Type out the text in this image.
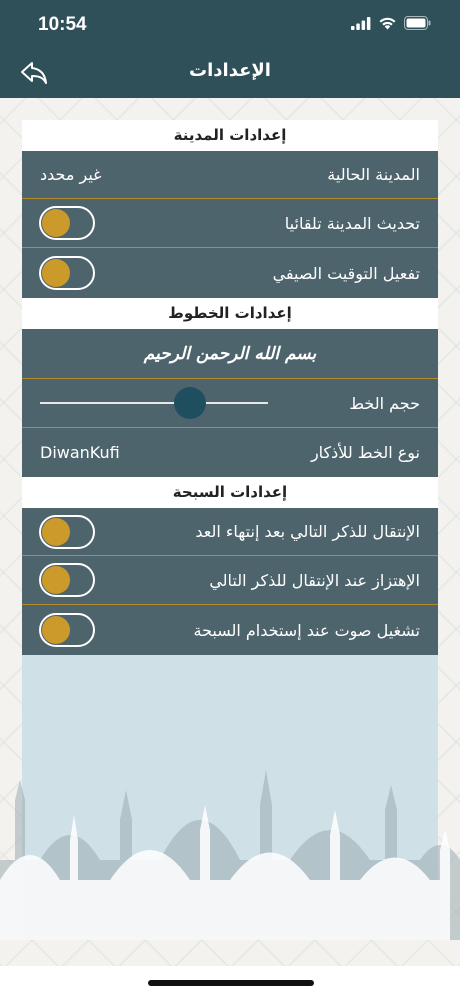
10:54
الإعدادات
إعدادات المدينة
المدينة الحالية
غير محدد
تحديث المدينة تلقائيا
تفعيل التوقيت الصيفي
إعدادات الخطوط
بسم الله الرحمن الرحيم
حجم الخط
نوع الخط للأذكار
DiwanKufi
إعدادات السبحة
الإنتقال للذكر التالي بعد إنتهاء العد
الإهتزاز عند الإنتقال للذكر التالي
تشغيل صوت عند إستخدام السبحة
